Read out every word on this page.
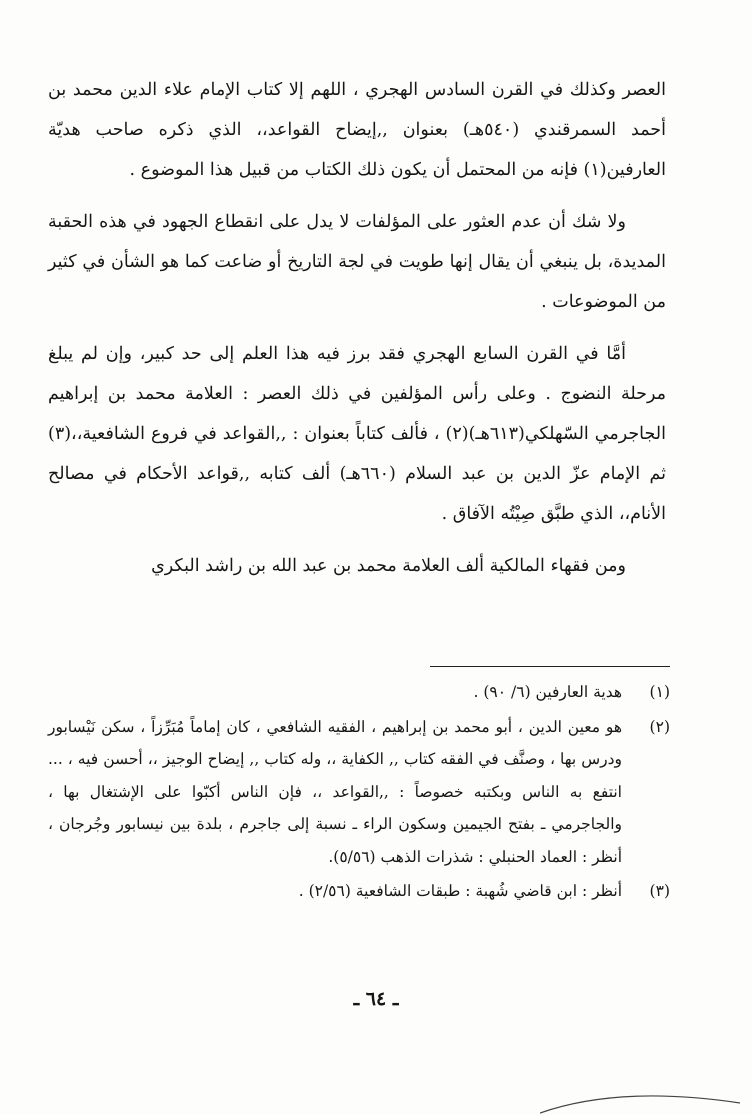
العصر وكذلك في القرن السادس الهجري ، اللهم إلا كتاب الإمام علاء الدين محمد بن أحمد السمرقندي (٥٤٠هـ) بعنوان ,,إيضاح القواعد،، الذي ذكره صاحب هديّة العارفين(١) فإنه من المحتمل أن يكون ذلك الكتاب من قبيل هذا الموضوع .

ولا شك أن عدم العثور على المؤلفات لا يدل على انقطاع الجهود في هذه الحقبة المديدة، بل ينبغي أن يقال إنها طويت في لجة التاريخ أو ضاعت كما هو الشأن في كثير من الموضوعات .

أمَّا في القرن السابع الهجري فقد برز فيه هذا العلم إلى حد كبير، وإن لم يبلغ مرحلة النضوج . وعلى رأس المؤلفين في ذلك العصر : العلامة محمد بن إبراهيم الجاجرمي السّهلكي(٦١٣هـ)(٢) ، فألف كتاباً بعنوان : ,,القواعد في فروع الشافعية،،(٣) ثم الإمام عزّ الدين بن عبد السلام (٦٦٠هـ) ألف كتابه ,,قواعد الأحكام في مصالح الأنام،، الذي طبَّق صِيْتُه الآفاق .

ومن فقهاء المالكية ألف العلامة محمد بن عبد الله بن راشد البكري

(١)
هدية العارفين (٦/ ٩٠) .
(٢)
هو معين الدين ، أبو محمد بن إبراهيم ، الفقيه الشافعي ، كان إماماً مُبَرِّزاً ، سكن نَيْسابور ودرس بها ، وصنَّف في الفقه كتاب ,, الكفاية ،، وله كتاب ,, إيضاح الوجيز ،، أحسن فيه ، ... انتفع به الناس وبكتبه خصوصاً : ,,القواعد ،، فإن الناس أكبّوا على الإشتغال بها ، والجاجرمي ـ بفتح الجيمين وسكون الراء ـ نسبة إلى جاجرم ، بلدة بين نيسابور وجُرجان ، أنظر : العماد الحنبلي : شذرات الذهب (٥/٥٦).
(٣)
أنظر : ابن قاضي شُهبة : طبقات الشافعية (٢/٥٦) .
ـ ٦٤ ـ
